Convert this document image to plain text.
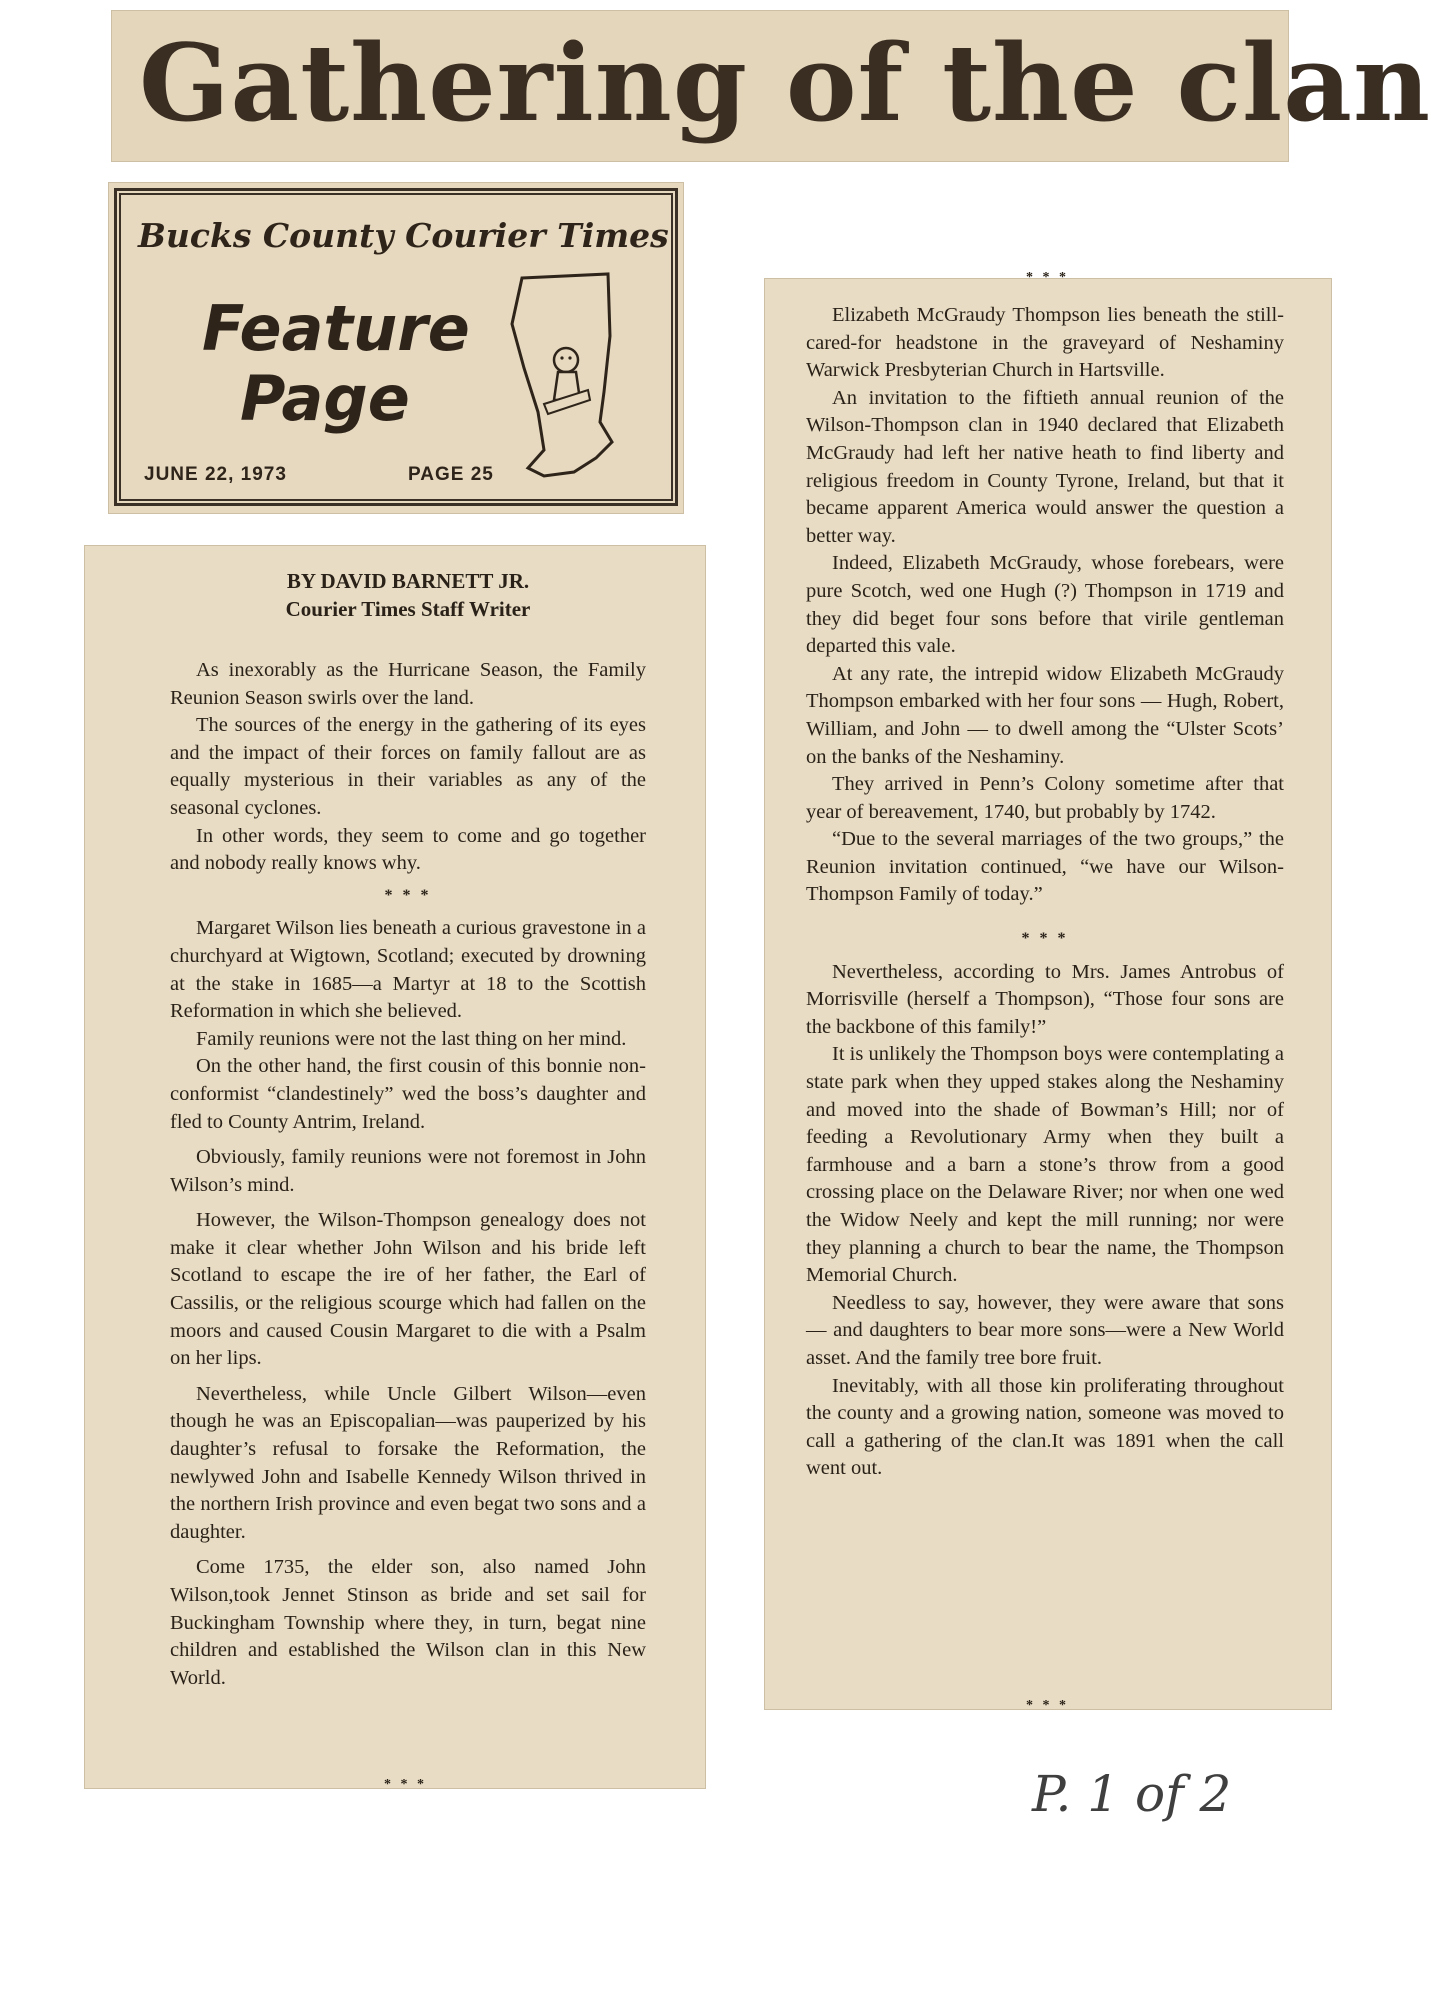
Gathering of the clan
Bucks County Courier Times
Feature
Page
JUNE 22, 1973	PAGE 25
BY DAVID BARNETT JR.
Courier Times Staff Writer

As inexorably as the Hurricane Season, the Family Reunion Season swirls over the land.

The sources of the energy in the gathering of its eyes and the impact of their forces on family fallout are as equally mysterious in their variables as any of the seasonal cyclones.

In other words, they seem to come and go together and nobody really knows why.

* * *

Margaret Wilson lies beneath a curious gravestone in a churchyard at Wigtown, Scotland; executed by drowning at the stake in 1685—a Martyr at 18 to the Scottish Reformation in which she believed.

Family reunions were not the last thing on her mind.

On the other hand, the first cousin of this bonnie non-conformist “clandestinely” wed the boss’s daughter and fled to County Antrim, Ireland.

Obviously, family reunions were not foremost in John Wilson’s mind.

However, the Wilson-Thompson genealogy does not make it clear whether John Wilson and his bride left Scotland to escape the ire of her father, the Earl of Cassilis, or the religious scourge which had fallen on the moors and caused Cousin Margaret to die with a Psalm on her lips.

Nevertheless, while Uncle Gilbert Wilson—even though he was an Episcopalian—was pauperized by his daughter’s refusal to forsake the Reformation, the newlywed John and Isabelle Kennedy Wilson thrived in the northern Irish province and even begat two sons and a daughter.

Come 1735, the elder son, also named John Wilson,took Jennet Stinson as bride and set sail for Buckingham Township where they, in turn, begat nine children and established the Wilson clan in this New World.

* * *
* * *

Elizabeth McGraudy Thompson lies beneath the still-cared-for headstone in the graveyard of Neshaminy Warwick Presbyterian Church in Hartsville.

An invitation to the fiftieth annual reunion of the Wilson-Thompson clan in 1940 declared that Elizabeth McGraudy had left her native heath to find liberty and religious freedom in County Tyrone, Ireland, but that it became apparent America would answer the question a better way.

Indeed, Elizabeth McGraudy, whose forebears, were pure Scotch, wed one Hugh (?) Thompson in 1719 and they did beget four sons before that virile gentleman departed this vale.

At any rate, the intrepid widow Elizabeth McGraudy Thompson embarked with her four sons — Hugh, Robert, William, and John — to dwell among the “Ulster Scots’ on the banks of the Neshaminy.

They arrived in Penn’s Colony sometime after that year of bereavement, 1740, but probably by 1742.

“Due to the several marriages of the two groups,” the Reunion invitation continued, “we have our Wilson-Thompson Family of today.”

* * *

Nevertheless, according to Mrs. James Antrobus of Morrisville (herself a Thompson), “Those four sons are the backbone of this family!”

It is unlikely the Thompson boys were contemplating a state park when they upped stakes along the Neshaminy and moved into the shade of Bowman’s Hill; nor of feeding a Revolutionary Army when they built a farmhouse and a barn a stone’s throw from a good crossing place on the Delaware River; nor when one wed the Widow Neely and kept the mill running; nor were they planning a church to bear the name, the Thompson Memorial Church.

Needless to say, however, they were aware that sons — and daughters to bear more sons—were a New World asset. And the family tree bore fruit.

Inevitably, with all those kin proliferating throughout the county and a growing nation, someone was moved to call a gathering of the clan.It was 1891 when the call went out.

* * *
P. 1 of 2
